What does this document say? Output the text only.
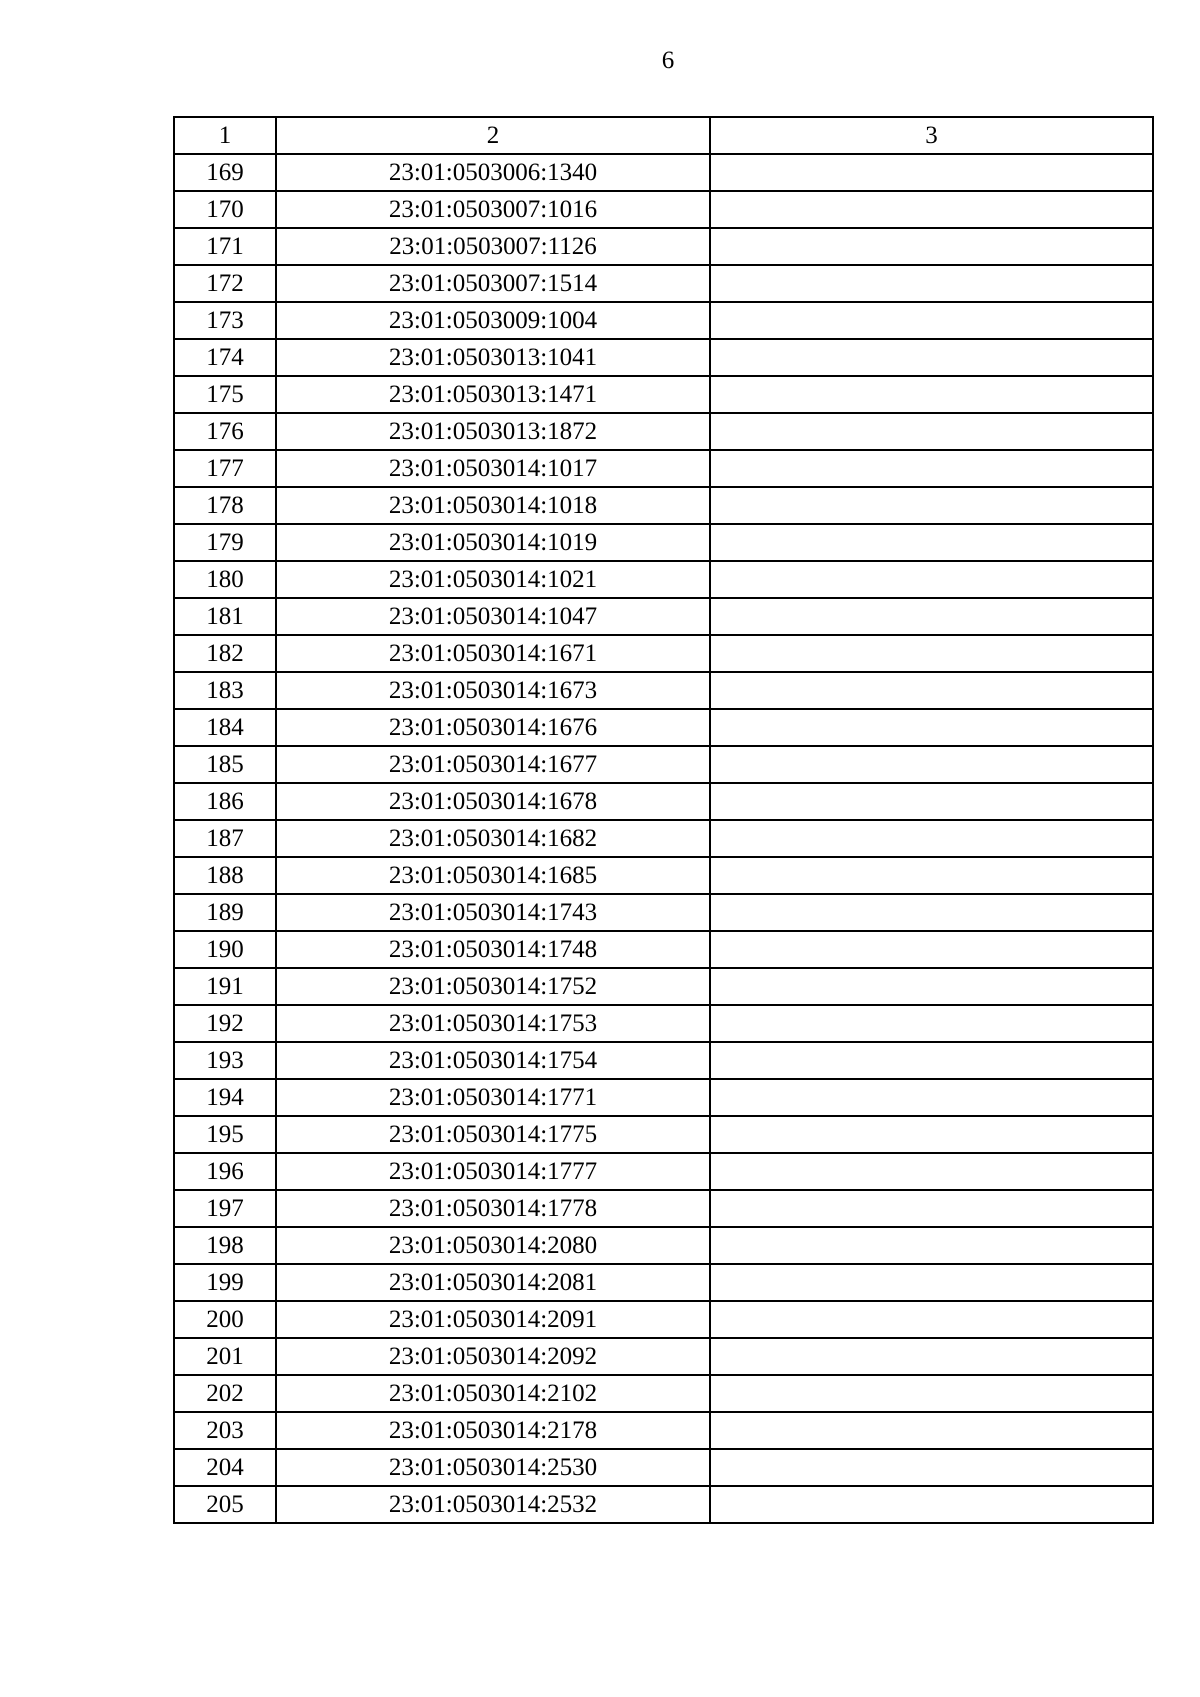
6
1	2	3
169	23:01:0503006:1340	
170	23:01:0503007:1016	
171	23:01:0503007:1126	
172	23:01:0503007:1514	
173	23:01:0503009:1004	
174	23:01:0503013:1041	
175	23:01:0503013:1471	
176	23:01:0503013:1872	
177	23:01:0503014:1017	
178	23:01:0503014:1018	
179	23:01:0503014:1019	
180	23:01:0503014:1021	
181	23:01:0503014:1047	
182	23:01:0503014:1671	
183	23:01:0503014:1673	
184	23:01:0503014:1676	
185	23:01:0503014:1677	
186	23:01:0503014:1678	
187	23:01:0503014:1682	
188	23:01:0503014:1685	
189	23:01:0503014:1743	
190	23:01:0503014:1748	
191	23:01:0503014:1752	
192	23:01:0503014:1753	
193	23:01:0503014:1754	
194	23:01:0503014:1771	
195	23:01:0503014:1775	
196	23:01:0503014:1777	
197	23:01:0503014:1778	
198	23:01:0503014:2080	
199	23:01:0503014:2081	
200	23:01:0503014:2091	
201	23:01:0503014:2092	
202	23:01:0503014:2102	
203	23:01:0503014:2178	
204	23:01:0503014:2530	
205	23:01:0503014:2532	
